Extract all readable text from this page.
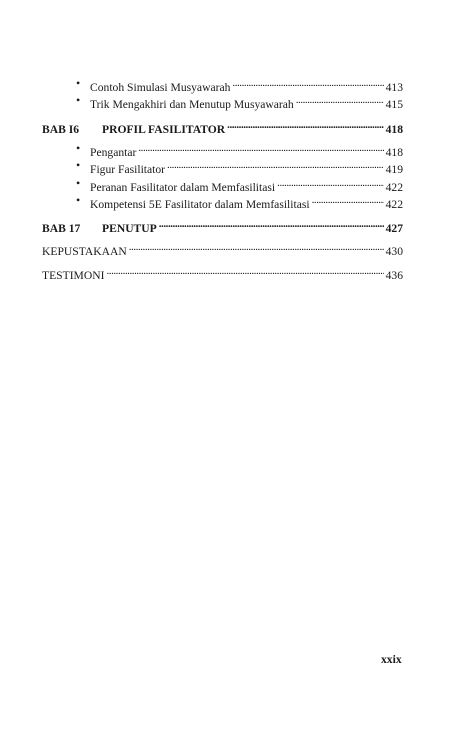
• Contoh Simulasi Musyawarah . . .	413
• Trik Mengakhiri dan Menutup Musyawarah . . .	415
BAB I6	PROFIL FASILITATOR . . .	418
• Pengantar . . .	418
• Figur Fasilitator . . .	419
• Peranan Fasilitator dalam Memfasilitasi . . .	422
• Kompetensi 5E Fasilitator dalam Memfasilitasi . . .	422
BAB 17	PENUTUP . . .	427
KEPUSTAKAAN . . .	430
TESTIMONI . . .	436
xxix
